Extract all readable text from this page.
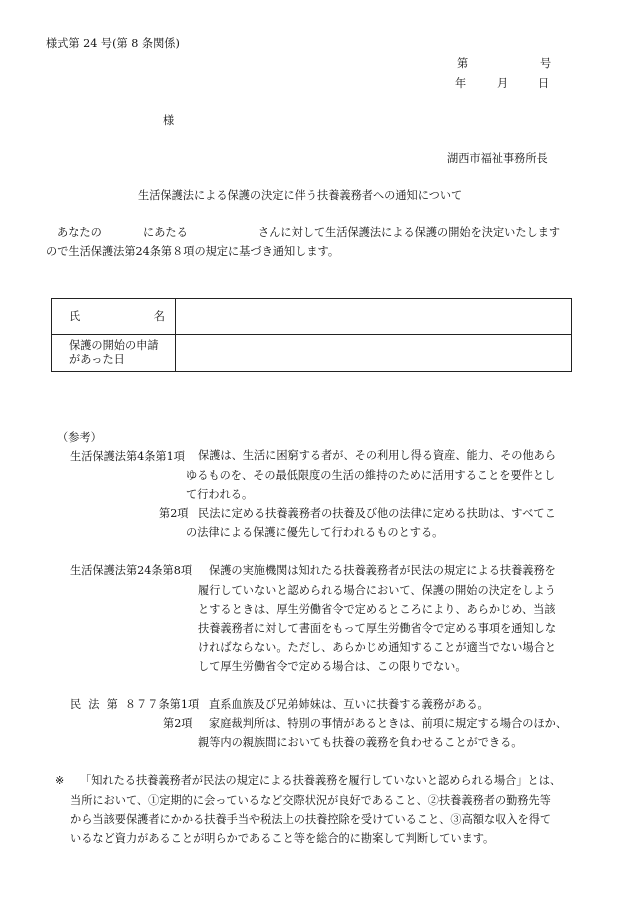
様式第 24 号(第 8 条関係)
第	号
年	月	日
様
湖西市福祉事務所長
生活保護法による保護の決定に伴う扶養義務者への通知について
あなたの	にあたる	さんに対して生活保護法による保護の開始を決定いたします
ので生活保護法第24条第８項の規定に基づき通知します。
氏 名	

保護の開始の申請
があった日	

（参考）
生活保護法第4条第1項 保護は、生活に困窮する者が、その利用し得る資産、能力、その他あら
ゆるものを、その最低限度の生活の維持のために活用することを要件とし
て行われる。
第2項 民法に定める扶養義務者の扶養及び他の法律に定める扶助は、すべてこ
の法律による保護に優先して行われるものとする。
生活保護法第24条第8項 保護の実施機関は知れたる扶養義務者が民法の規定による扶養義務を
履行していないと認められる場合において、保護の開始の決定をしよう
とするときは、厚生労働省令で定めるところにより、あらかじめ、当該
扶養義務者に対して書面をもって厚生労働省令で定める事項を通知しな
ければならない。ただし、あらかじめ通知することが適当でない場合と
して厚生労働省令で定める場合は、この限りでない。
民  法  第  ８７７条第1項 直系血族及び兄弟姉妹は、互いに扶養する義務がある。
第2項 家庭裁判所は、特別の事情があるときは、前項に規定する場合のほか、
親等内の親族間においても扶養の義務を負わせることができる。
※ 「知れたる扶養義務者が民法の規定による扶養義務を履行していないと認められる場合」とは、
当所において、①定期的に会っているなど交際状況が良好であること、②扶養義務者の勤務先等
から当該要保護者にかかる扶養手当や税法上の扶養控除を受けていること、③高額な収入を得て
いるなど資力があることが明らかであること等を総合的に勘案して判断しています。
